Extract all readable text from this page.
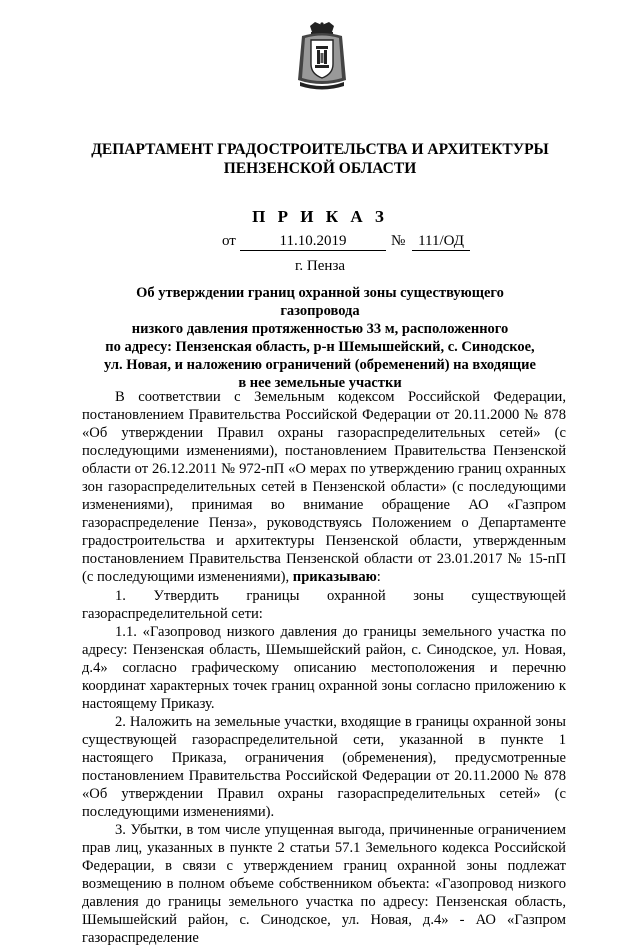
ДЕПАРТАМЕНТ ГРАДОСТРОИТЕЛЬСТВА И АРХИТЕКТУРЫ
ПЕНЗЕНСКОЙ ОБЛАСТИ
П Р И К А З
от	11.10.2019	№ 111/ОД
г. Пенза
Об утверждении границ охранной зоны существующего газопровода
низкого давления протяженностью 33 м, расположенного
по адресу: Пензенская область, р-н Шемышейский, с. Синодское,
ул. Новая, и наложению ограничений (обременений) на входящие
в нее земельные участки

В соответствии с Земельным кодексом Российской Федерации, постановлением Правительства Российской Федерации от 20.11.2000 № 878 «Об утверждении Правил охраны газораспределительных сетей» (с последующими изменениями), постановлением Правительства Пензенской области от 26.12.2011 № 972-пП «О мерах по утверждению границ охранных зон газораспределительных сетей в Пензенской области» (с последующими изменениями), принимая во внимание обращение АО «Газпром газораспределение Пенза», руководствуясь Положением о Департаменте градостроительства и архитектуры Пензенской области, утвержденным постановлением Правительства Пензенской области от 23.01.2017 № 15-пП (с последующими изменениями), приказываю:

1. Утвердить границы охранной зоны существующей газораспределительной сети:

1.1. «Газопровод низкого давления до границы земельного участка по адресу: Пензенская область, Шемышейский район, с. Синодское, ул. Новая, д.4» согласно графическому описанию местоположения и перечню координат характерных точек границ охранной зоны согласно приложению к настоящему Приказу.

2. Наложить на земельные участки, входящие в границы охранной зоны существующей газораспределительной сети, указанной в пункте 1 настоящего Приказа, ограничения (обременения), предусмотренные постановлением Правительства Российской Федерации от 20.11.2000 № 878 «Об утверждении Правил охраны газораспределительных сетей» (с последующими изменениями).

3. Убытки, в том числе упущенная выгода, причиненные ограничением прав лиц, указанных в пункте 2 статьи 57.1 Земельного кодекса Российской Федерации, в связи с утверждением границ охранной зоны подлежат возмещению в полном объеме собственником объекта: «Газопровод низкого давления до границы земельного участка по адресу: Пензенская область, Шемышейский район, с. Синодское, ул. Новая, д.4» - АО «Газпром газораспределение
